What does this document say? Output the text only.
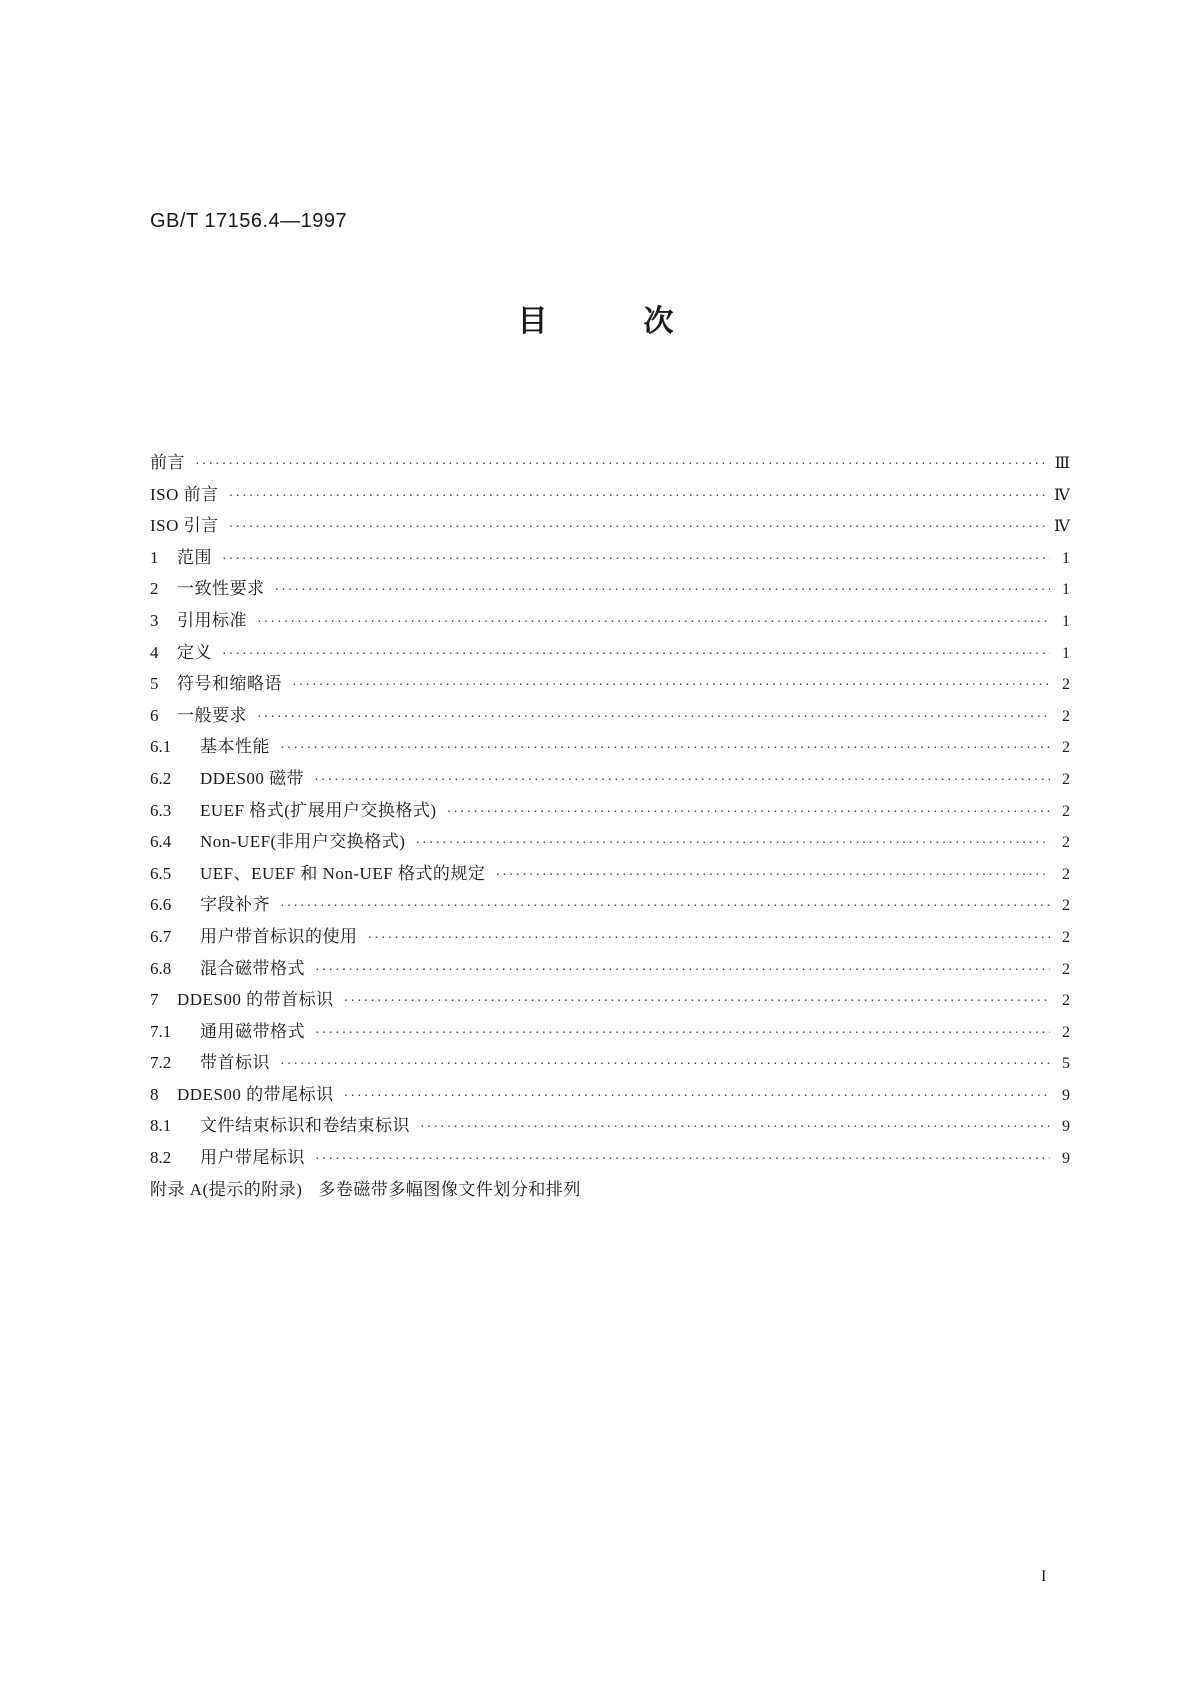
GB/T 17156.4—1997
目次
前言 ·····	Ⅲ
ISO 前言 ·····	Ⅳ
ISO 引言 ·····	Ⅳ
1	范围 ·····	1
2	一致性要求 ·····	1
3	引用标准 ·····	1
4	定义 ·····	1
5	符号和缩略语 ·····	2
6	一般要求 ·····	2
6.1	基本性能 ·····	2
6.2	DDES00 磁带 ·····	2
6.3	EUEF 格式(扩展用户交换格式) ·····	2
6.4	Non-UEF(非用户交换格式) ·····	2
6.5	UEF、EUEF 和 Non-UEF 格式的规定 ·····	2
6.6	字段补齐 ·····	2
6.7	用户带首标识的使用 ·····	2
6.8	混合磁带格式 ·····	2
7	DDES00 的带首标识 ·····	2
7.1	通用磁带格式 ·····	2
7.2	带首标识 ·····	5
8	DDES00 的带尾标识 ·····	9
8.1	文件结束标识和卷结束标识 ·····	9
8.2	用户带尾标识 ·····	9
附录 A(提示的附录) 多卷磁带多幅图像文件划分和排列
I
